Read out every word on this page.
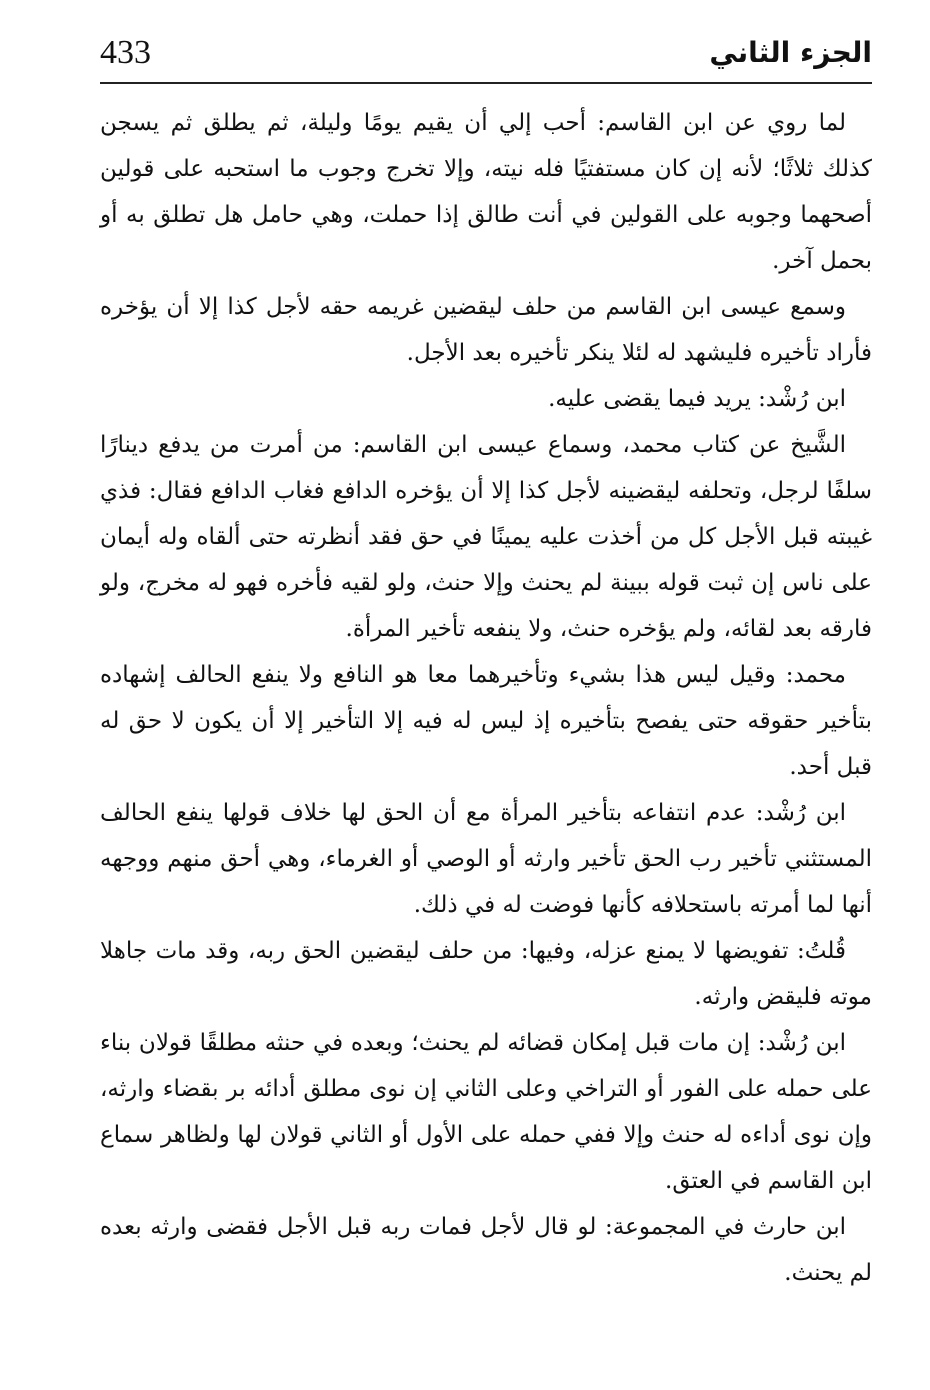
433	الجزء الثاني

لما روي عن ابن القاسم: أحب إلي أن يقيم يومًا وليلة، ثم يطلق ثم يسجن كذلك ثلاثًا؛ لأنه إن كان مستفتيًا فله نيته، وإلا تخرج وجوب ما استحبه على قولين أصحهما وجوبه على القولين في أنت طالق إذا حملت، وهي حامل هل تطلق به أو بحمل آخر.

وسمع عيسى ابن القاسم من حلف ليقضين غريمه حقه لأجل كذا إلا أن يؤخره فأراد تأخيره فليشهد له لئلا ينكر تأخيره بعد الأجل.

ابن رُشْد: يريد فيما يقضى عليه.

الشَّيخ عن كتاب محمد، وسماع عيسى ابن القاسم: من أمرت من يدفع دينارًا سلفًا لرجل، وتحلفه ليقضينه لأجل كذا إلا أن يؤخره الدافع فغاب الدافع فقال: فذي غيبته قبل الأجل كل من أخذت عليه يمينًا في حق فقد أنظرته حتى ألقاه وله أيمان على ناس إن ثبت قوله ببينة لم يحنث وإلا حنث، ولو لقيه فأخره فهو له مخرج، ولو فارقه بعد لقائه، ولم يؤخره حنث، ولا ينفعه تأخير المرأة.

محمد: وقيل ليس هذا بشيء وتأخيرهما معا هو النافع ولا ينفع الحالف إشهاده بتأخير حقوقه حتى يفصح بتأخيره إذ ليس له فيه إلا التأخير إلا أن يكون لا حق له قبل أحد.

ابن رُشْد: عدم انتفاعه بتأخير المرأة مع أن الحق لها خلاف قولها ينفع الحالف المستثني تأخير رب الحق تأخير وارثه أو الوصي أو الغرماء، وهي أحق منهم ووجهه أنها لما أمرته باستحلافه كأنها فوضت له في ذلك.

قُلتُ: تفويضها لا يمنع عزله، وفيها: من حلف ليقضين الحق ربه، وقد مات جاهلا موته فليقض وارثه.

ابن رُشْد: إن مات قبل إمكان قضائه لم يحنث؛ وبعده في حنثه مطلقًا قولان بناء على حمله على الفور أو التراخي وعلى الثاني إن نوى مطلق أدائه بر بقضاء وارثه، وإن نوى أداءه له حنث وإلا ففي حمله على الأول أو الثاني قولان لها ولظاهر سماع ابن القاسم في العتق.

ابن حارث في المجموعة: لو قال لأجل فمات ربه قبل الأجل فقضى وارثه بعده لم يحنث.
